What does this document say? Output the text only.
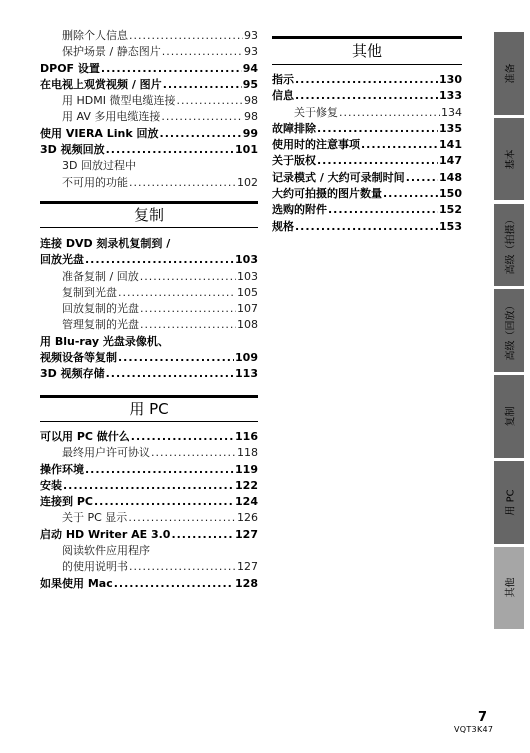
删除个人信息 .....	93
保护场景 / 静态图片 .....	93
DPOF 设置 .....	94
在电视上观赏视频 / 图片 .....	95
用 HDMI 微型电缆连接 .....	98
用 AV 多用电缆连接 .....	98
使用 VIERA Link 回放 .....	99
3D 视频回放 .....	101
3D 回放过程中
不可用的功能 .....	102
复制
连接 DVD 刻录机复制到 /
回放光盘 .....	103
准备复制 / 回放 .....	103
复制到光盘 .....	105
回放复制的光盘 .....	107
管理复制的光盘 .....	108
用 Blu-ray 光盘录像机、
视频设备等复制 .....	109
3D 视频存储 .....	113
用 PC
可以用 PC 做什么 .....	116
最终用户许可协议 .....	118
操作环境 .....	119
安装 .....	122
连接到 PC .....	124
关于 PC 显示 .....	126
启动 HD Writer AE 3.0 .....	127
阅读软件应用程序
的使用说明书 .....	127
如果使用 Mac .....	128
其他
指示 .....	130
信息 .....	133
关于修复 .....	134
故障排除 .....	135
使用时的注意事项 .....	141
关于版权 .....	147
记录模式 / 大约可录制时间 .....	148
大约可拍摄的图片数量 .....	150
选购的附件 .....	152
规格 .....	153
准备
基本
高级（拍摄）
高级（回放）
复制
用 PC
其他
7
VQT3K47
